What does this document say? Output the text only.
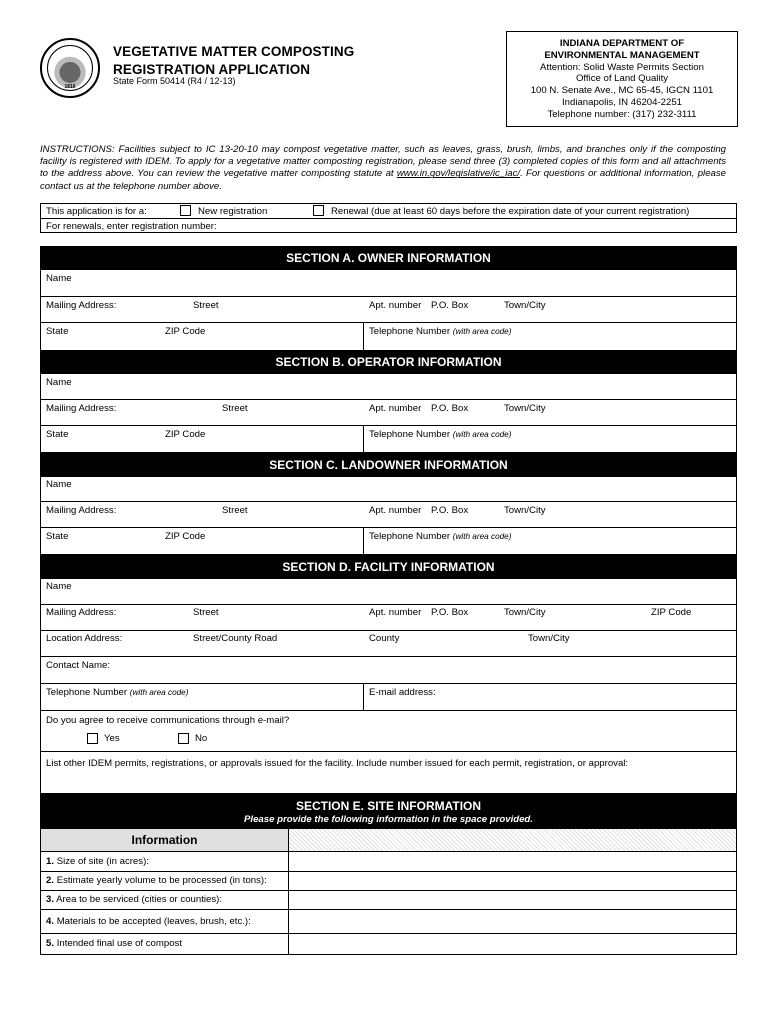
1816
VEGETATIVE MATTER COMPOSTING
REGISTRATION APPLICATION
State Form 50414 (R4 / 12-13)
INDIANA DEPARTMENT OF
ENVIRONMENTAL MANAGEMENT
Attention: Solid Waste Permits Section
Office of Land Quality
100 N. Senate Ave., MC 65-45, IGCN 1101
Indianapolis, IN 46204-2251
Telephone number: (317) 232-3111
INSTRUCTIONS: Facilities subject to IC 13-20-10 may compost vegetative matter, such as leaves, grass, brush, limbs, and branches only if the composting facility is registered with IDEM. To apply for a vegetative matter composting registration, please send three (3) completed copies of this form and all attachments to the address above. You can review the vegetative matter composting statute at www.in.gov/legislative/ic_iac/. For questions or additional information, please contact us at the telephone number above.
This application is for a:	New registration	Renewal (due at least 60 days before the expiration date of your current registration)
For renewals, enter registration number:
SECTION A. OWNER INFORMATION
Name
Mailing Address:	Street	Apt. number P.O. Box	Town/City
State	ZIP Code	Telephone Number (with area code)
SECTION B. OPERATOR INFORMATION
Name
Mailing Address:	Street	Apt. number P.O. Box	Town/City
State	ZIP Code	Telephone Number (with area code)
SECTION C. LANDOWNER INFORMATION
Name
Mailing Address:	Street	Apt. number P.O. Box	Town/City
State	ZIP Code	Telephone Number (with area code)
SECTION D. FACILITY INFORMATION
Name
Mailing Address:	Street	Apt. number P.O. Box	Town/City	ZIP Code
Location Address:	Street/County Road	County	Town/City
Contact Name:
Telephone Number (with area code)	E-mail address:
Do you agree to receive communications through e-mail?
Yes	No
List other IDEM permits, registrations, or approvals issued for the facility. Include number issued for each permit, registration, or approval:
SECTION E. SITE INFORMATION
Please provide the following information in the space provided.
Information
1. Size of site (in acres):
2. Estimate yearly volume to be processed (in tons):
3. Area to be serviced (cities or counties):
4. Materials to be accepted (leaves, brush, etc.):
5. Intended final use of compost
